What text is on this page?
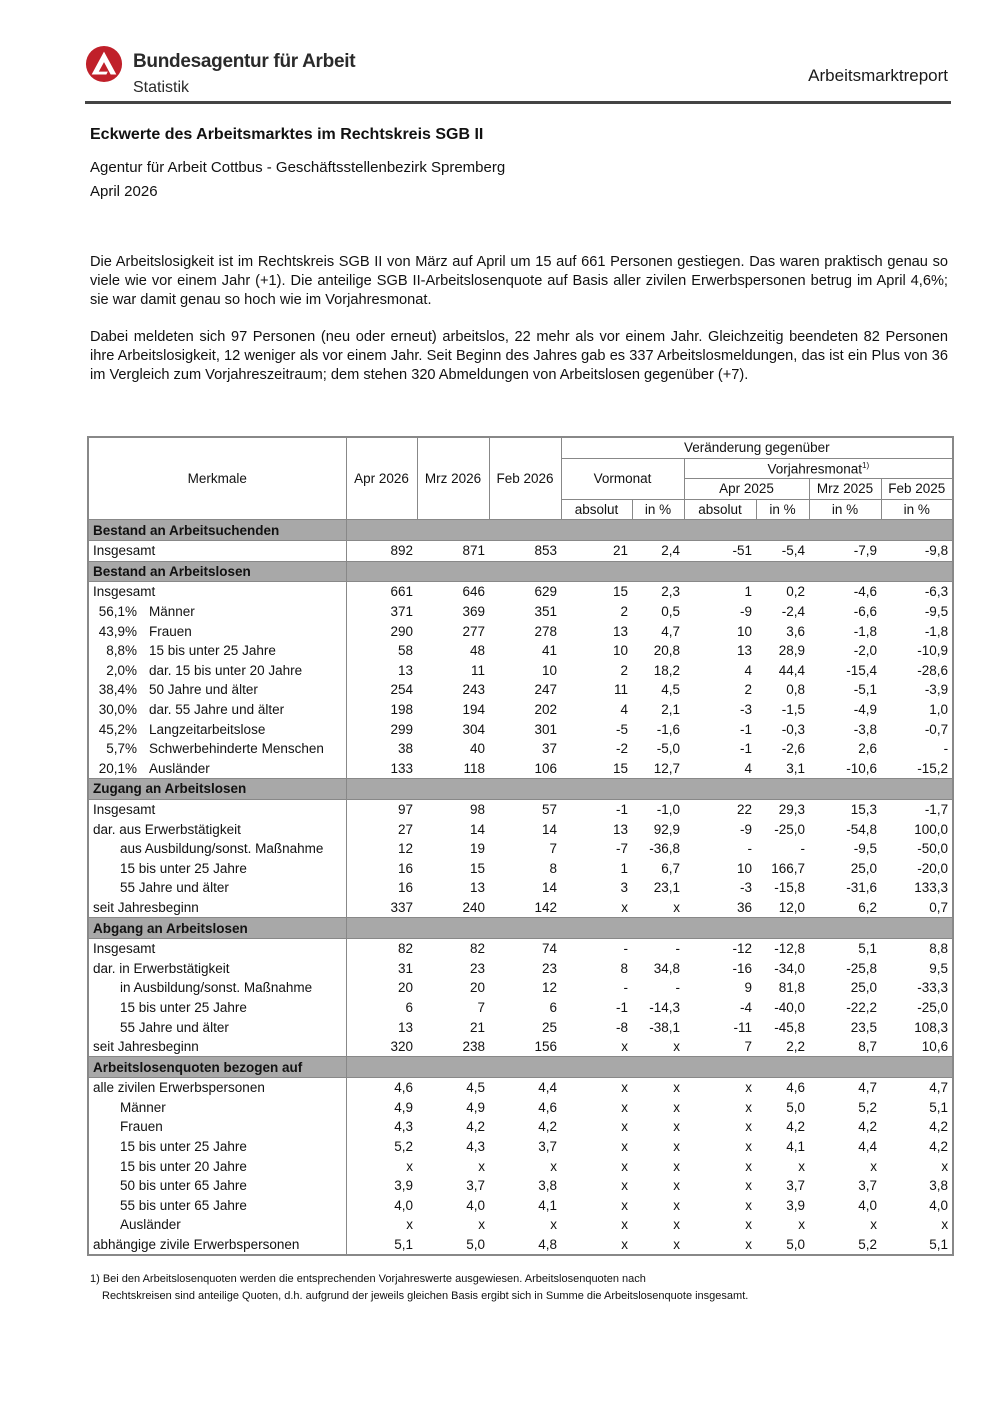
Bundesagentur für Arbeit
Statistik
Arbeitsmarktreport
Eckwerte des Arbeitsmarktes im Rechtskreis SGB II
Agentur für Arbeit Cottbus - Geschäftsstellenbezirk Spremberg
April 2026
Die Arbeitslosigkeit ist im Rechtskreis SGB II von März auf April um 15 auf 661 Personen gestiegen. Das waren praktisch genau so viele wie vor einem Jahr (+1). Die anteilige SGB II-Arbeitslosenquote auf Basis aller zivilen Erwerbspersonen betrug im April 4,6%; sie war damit genau so hoch wie im Vorjahresmonat.
Dabei meldeten sich 97 Personen (neu oder erneut) arbeitslos, 22 mehr als vor einem Jahr. Gleichzeitig beendeten 82 Personen ihre Arbeitslosigkeit, 12 weniger als vor einem Jahr. Seit Beginn des Jahres gab es 337 Arbeitslosmeldungen, das ist ein Plus von 36 im Vergleich zum Vorjahreszeitraum; dem stehen 320 Abmeldungen von Arbeitslosen gegenüber (+7).
Merkmale	Apr 2026	Mrz 2026	Feb 2026	Veränderung gegenüber					
				Vormonat		Vorjahresmonat$^{1)}$
						Apr 2025		Mrz 2025	Feb 2025
				absolut	in %	absolut	in %	in %	in %
Bestand an Arbeitsuchenden									
Insgesamt	892	871	853	21	2,4	-51	-5,4	-7,9	-9,8
Bestand an Arbeitslosen									
Insgesamt	661	646	629	15	2,3	1	0,2	-4,6	-6,3
56,1% Männer	371	369	351	2	0,5	-9	-2,4	-6,6	-9,5
43,9% Frauen	290	277	278	13	4,7	10	3,6	-1,8	-1,8
8,8% 15 bis unter 25 Jahre	58	48	41	10	20,8	13	28,9	-2,0	-10,9
2,0% dar. 15 bis unter 20 Jahre	13	11	10	2	18,2	4	44,4	-15,4	-28,6
38,4% 50 Jahre und älter	254	243	247	11	4,5	2	0,8	-5,1	-3,9
30,0% dar. 55 Jahre und älter	198	194	202	4	2,1	-3	-1,5	-4,9	1,0
45,2% Langzeitarbeitslose	299	304	301	-5	-1,6	-1	-0,3	-3,8	-0,7
5,7% Schwerbehinderte Menschen	38	40	37	-2	-5,0	-1	-2,6	2,6	-
20,1% Ausländer	133	118	106	15	12,7	4	3,1	-10,6	-15,2
Zugang an Arbeitslosen									
Insgesamt	97	98	57	-1	-1,0	22	29,3	15,3	-1,7
dar. aus Erwerbstätigkeit	27	14	14	13	92,9	-9	-25,0	-54,8	100,0
aus Ausbildung/sonst. Maßnahme	12	19	7	-7	-36,8	-	-	-9,5	-50,0
15 bis unter 25 Jahre	16	15	8	1	6,7	10	166,7	25,0	-20,0
55 Jahre und älter	16	13	14	3	23,1	-3	-15,8	-31,6	133,3
seit Jahresbeginn	337	240	142	x	x	36	12,0	6,2	0,7
Abgang an Arbeitslosen									
Insgesamt	82	82	74	-	-	-12	-12,8	5,1	8,8
dar. in Erwerbstätigkeit	31	23	23	8	34,8	-16	-34,0	-25,8	9,5
in Ausbildung/sonst. Maßnahme	20	20	12	-	-	9	81,8	25,0	-33,3
15 bis unter 25 Jahre	6	7	6	-1	-14,3	-4	-40,0	-22,2	-25,0
55 Jahre und älter	13	21	25	-8	-38,1	-11	-45,8	23,5	108,3
seit Jahresbeginn	320	238	156	x	x	7	2,2	8,7	10,6
Arbeitslosenquoten bezogen auf									
alle zivilen Erwerbspersonen	4,6	4,5	4,4	x	x	x	4,6	4,7	4,7
Männer	4,9	4,9	4,6	x	x	x	5,0	5,2	5,1
Frauen	4,3	4,2	4,2	x	x	x	4,2	4,2	4,2
15 bis unter 25 Jahre	5,2	4,3	3,7	x	x	x	4,1	4,4	4,2
15 bis unter 20 Jahre	x	x	x	x	x	x	x	x	x
50 bis unter 65 Jahre	3,9	3,7	3,8	x	x	x	3,7	3,7	3,8
55 bis unter 65 Jahre	4,0	4,0	4,1	x	x	x	3,9	4,0	4,0
Ausländer	x	x	x	x	x	x	x	x	x
abhängige zivile Erwerbspersonen	5,1	5,0	4,8	x	x	x	5,0	5,2	5,1
1) Bei den Arbeitslosenquoten werden die entsprechenden Vorjahreswerte ausgewiesen. Arbeitslosenquoten nach
Rechtskreisen sind anteilige Quoten, d.h. aufgrund der jeweils gleichen Basis ergibt sich in Summe die Arbeitslosenquote insgesamt.
